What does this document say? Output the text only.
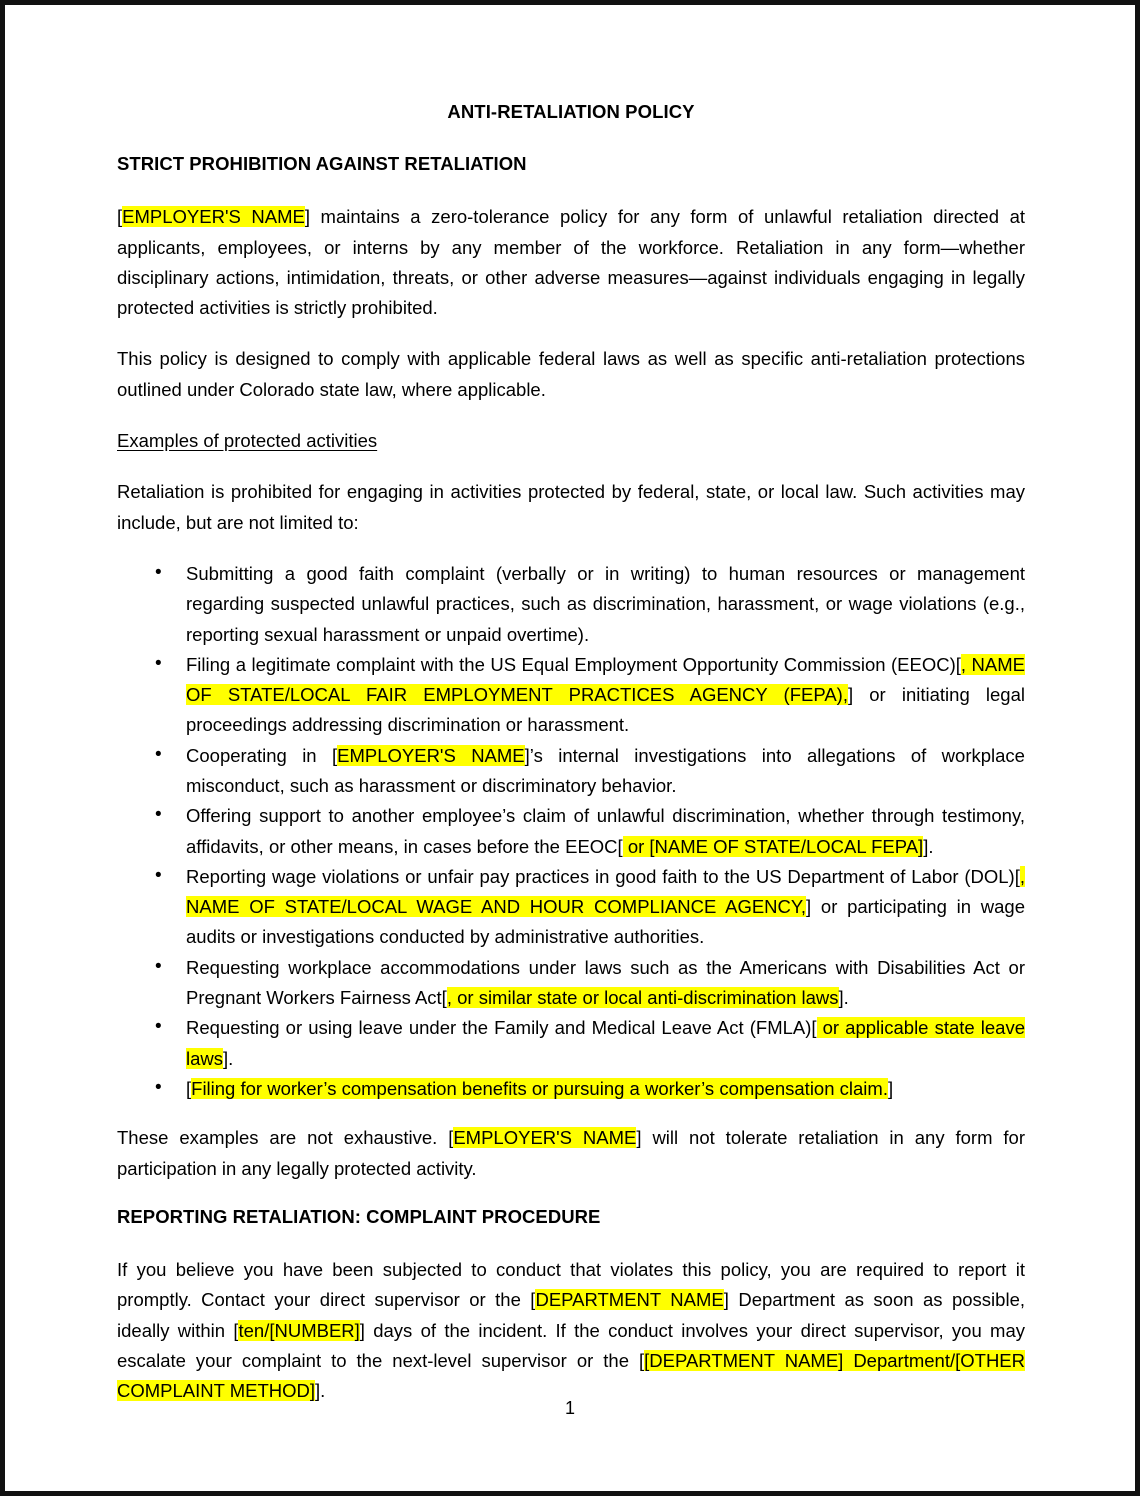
ANTI-RETALIATION POLICY
STRICT PROHIBITION AGAINST RETALIATION

[EMPLOYER'S NAME] maintains a zero-tolerance policy for any form of unlawful retaliation directed at applicants, employees, or interns by any member of the workforce. Retaliation in any form—whether disciplinary actions, intimidation, threats, or other adverse measures—against individuals engaging in legally protected activities is strictly prohibited.

This policy is designed to comply with applicable federal laws as well as specific anti-retaliation protections outlined under Colorado state law, where applicable.

Examples of protected activities

Retaliation is prohibited for engaging in activities protected by federal, state, or local law. Such activities may include, but are not limited to:

• Submitting a good faith complaint (verbally or in writing) to human resources or management regarding suspected unlawful practices, such as discrimination, harassment, or wage violations (e.g., reporting sexual harassment or unpaid overtime).
• Filing a legitimate complaint with the US Equal Employment Opportunity Commission (EEOC)[, NAME OF STATE/LOCAL FAIR EMPLOYMENT PRACTICES AGENCY (FEPA),] or initiating legal proceedings addressing discrimination or harassment.
• Cooperating in [EMPLOYER'S NAME]’s internal investigations into allegations of workplace misconduct, such as harassment or discriminatory behavior.
• Offering support to another employee’s claim of unlawful discrimination, whether through testimony, affidavits, or other means, in cases before the EEOC[ or [NAME OF STATE/LOCAL FEPA]].
• Reporting wage violations or unfair pay practices in good faith to the US Department of Labor (DOL)[, NAME OF STATE/LOCAL WAGE AND HOUR COMPLIANCE AGENCY,] or participating in wage audits or investigations conducted by administrative authorities.
• Requesting workplace accommodations under laws such as the Americans with Disabilities Act or Pregnant Workers Fairness Act[, or similar state or local anti-discrimination laws].
• Requesting or using leave under the Family and Medical Leave Act (FMLA)[ or applicable state leave laws].
• [Filing for worker’s compensation benefits or pursuing a worker’s compensation claim.]

These examples are not exhaustive. [EMPLOYER'S NAME] will not tolerate retaliation in any form for participation in any legally protected activity.

REPORTING RETALIATION: COMPLAINT PROCEDURE

If you believe you have been subjected to conduct that violates this policy, you are required to report it promptly. Contact your direct supervisor or the [DEPARTMENT NAME] Department as soon as possible, ideally within [ten/[NUMBER]] days of the incident. If the conduct involves your direct supervisor, you may escalate your complaint to the next-level supervisor or the [[DEPARTMENT NAME] Department/[OTHER COMPLAINT METHOD]].

1
